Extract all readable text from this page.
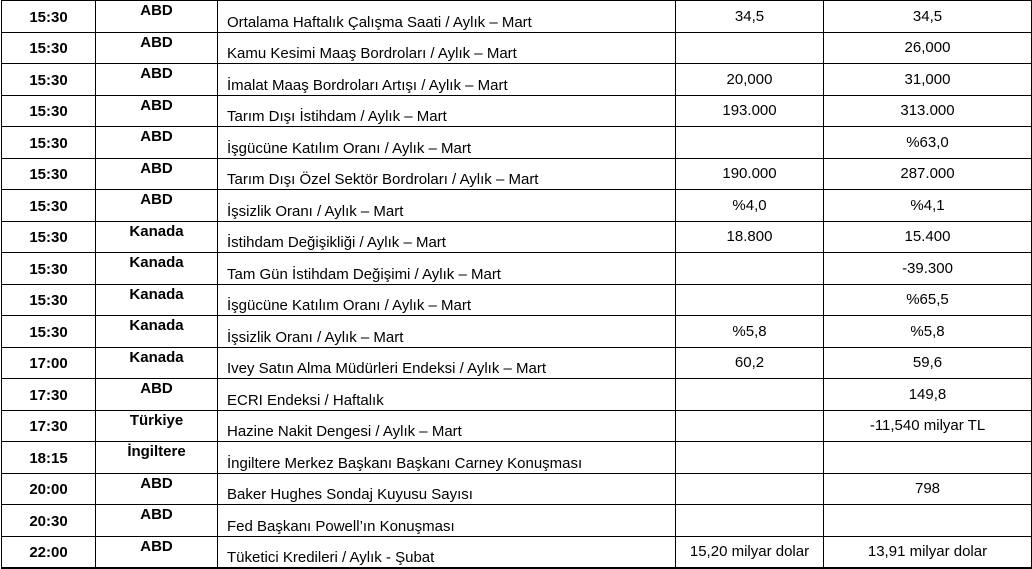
15:30	ABD	Ortalama Haftalık Çalışma Saati / Aylık – Mart	34,5	34,5
15:30	ABD	Kamu Kesimi Maaş Bordroları / Aylık – Mart		26,000
15:30	ABD	İmalat Maaş Bordroları Artışı / Aylık – Mart	20,000	31,000
15:30	ABD	Tarım Dışı İstihdam / Aylık – Mart	193.000	313.000
15:30	ABD	İşgücüne Katılım Oranı / Aylık – Mart		%63,0
15:30	ABD	Tarım Dışı Özel Sektör Bordroları / Aylık – Mart	190.000	287.000
15:30	ABD	İşsizlik Oranı / Aylık – Mart	%4,0	%4,1
15:30	Kanada	İstihdam Değişikliği / Aylık – Mart	18.800	15.400
15:30	Kanada	Tam Gün İstihdam Değişimi / Aylık – Mart		-39.300
15:30	Kanada	İşgücüne Katılım Oranı / Aylık – Mart		%65,5
15:30	Kanada	İşsizlik Oranı / Aylık – Mart	%5,8	%5,8
17:00	Kanada	Ivey Satın Alma Müdürleri Endeksi / Aylık – Mart	60,2	59,6
17:30	ABD	ECRI Endeksi / Haftalık		149,8
17:30	Türkiye	Hazine Nakit Dengesi / Aylık – Mart		-11,540 milyar TL
18:15	İngiltere	İngiltere Merkez Başkanı Başkanı Carney Konuşması		
20:00	ABD	Baker Hughes Sondaj Kuyusu Sayısı		798
20:30	ABD	Fed Başkanı Powell’ın Konuşması		
22:00	ABD	Tüketici Kredileri / Aylık - Şubat	15,20 milyar dolar	13,91 milyar dolar
